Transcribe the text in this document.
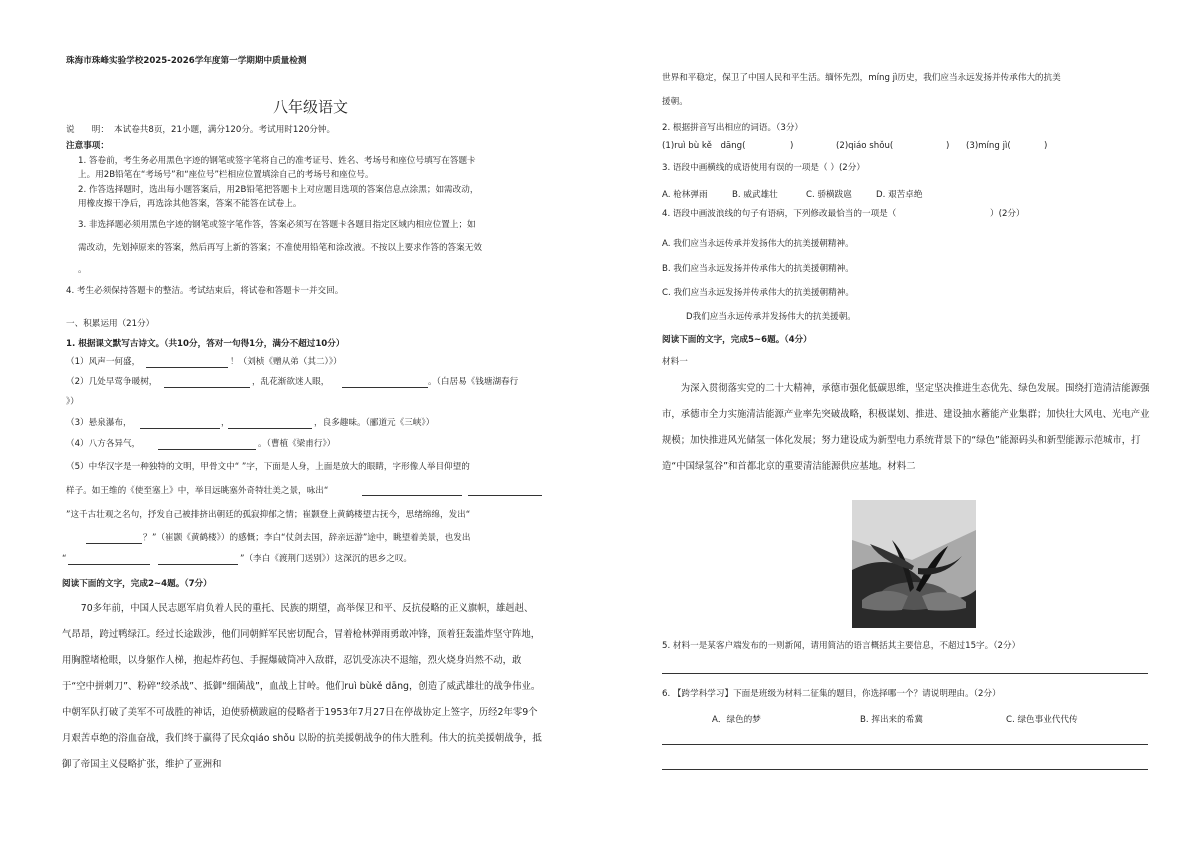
珠海市珠峰实验学校2025-2026学年度第一学期期中质量检测
八年级语文
说　　明： 本试卷共8页，21小题，满分120分。考试用时120分钟。
注意事项：
1. 答卷前，考生务必用黑色字迹的钢笔或签字笔将自己的准考证号、姓名、考场号和座位号填写在答题卡
上。用2B铅笔在“考场号”和“座位号”栏相应位置填涂自己的考场号和座位号。
2. 作答选择题时，选出每小题答案后，用2B铅笔把答题卡上对应题目选项的答案信息点涂黑；如需改动，
用橡皮擦干净后，再选涂其他答案，答案不能答在试卷上。
3. 非选择题必须用黑色字迹的钢笔或签字笔作答，答案必须写在答题卡各题目指定区域内相应位置上；如
需改动，先划掉原来的答案，然后再写上新的答案；不准使用铅笔和涂改液。不按以上要求作答的答案无效
。
4. 考生必须保持答题卡的整洁。考试结束后，将试卷和答题卡一并交回。
一、积累运用（21分）
1. 根据课文默写古诗文。（共10分，答对一句得1分，满分不超过10分）
（1）风声一何盛，	！（刘桢《赠从弟（其二）》）
（2）几处早莺争暖树，	，乱花渐欲迷人眼，	。（白居易《钱塘湖春行
》）
（3）悬泉瀑布，	，	，良多趣味。（郦道元《三峡》）
（4）八方各异气，	。（曹植《梁甫行》）
（5）中华汉字是一种独特的文明，甲骨文中“ ”字，下面是人身，上面是放大的眼睛，字形像人举目仰望的
样子。如王维的《使至塞上》中，举目远眺塞外奇特壮美之景，咏出“
”这千古壮观之名句，抒发自己被排挤出朝廷的孤寂抑郁之情；崔颢登上黄鹤楼望古抚今，思绪绵绵，发出“
？ ”（崔颢《黄鹤楼》）的感慨；李白“仗剑去国，辞亲远游”途中，眺望着美景，也发出
“	”（李白《渡荆门送别》）这深沉的思乡之叹。
阅读下面的文字，完成2~4题。（7分）
70多年前，中国人民志愿军肩负着人民的重托、民族的期望，高举保卫和平、反抗侵略的正义旗帜，雄赳赳、气昂昂，跨过鸭绿江。经过长途跋涉，他们同朝鲜军民密切配合，冒着枪林弹雨勇敢冲锋，顶着狂轰滥炸坚守阵地，用胸膛堵枪眼，以身躯作人梯，抱起炸药包、手握爆破筒冲入敌群，忍饥受冻决不退缩，烈火烧身岿然不动，敢于“空中拼刺刀”、粉碎“绞杀战”、抵御“细菌战”，血战上甘岭。他们ruì bùkě dāng，创造了威武雄壮的战争伟业。中朝军队打破了美军不可战胜的神话，迫使骄横跋扈的侵略者于1953年7月27日在停战协定上签字，历经2年零9个月艰苦卓绝的浴血奋战，我们终于赢得了民众qiáo shǒu 以盼的抗美援朝战争的伟大胜利。伟大的抗美援朝战争，抵御了帝国主义侵略扩张，维护了亚洲和
世界和平稳定，保卫了中国人民和平生活。缅怀先烈，míng jì历史，我们应当永远发扬并传承伟大的抗美
援朝。
2. 根据拼音写出相应的词语。（3分）
(1)ruì bù kě　dāng(	)	(2)qiáo shǒu(	) (3)míng jì(	)
3. 语段中画横线的成语使用有误的一项是（ ）(2分）
A. 枪林弹雨	B. 威武雄壮	C. 骄横跋扈	D. 艰苦卓绝
4. 语段中画波浪线的句子有语病，下列修改最恰当的一项是（	）(2分）
A. 我们应当永远传承并发扬伟大的抗美援朝精神。
B. 我们应当永远发扬并传承伟大的抗美援朝精神。
C. 我们应当永远发扬并传承伟大的抗美援朝精神。
D我们应当永远传承并发扬伟大的抗美援朝。
阅读下面的文字，完成5~6题。（4分）
材料一
为深入贯彻落实党的二十大精神，承德市强化低碳思维，坚定坚决推进生态优先、绿色发展。围绕打造清洁能源强市，承德市全力实施清洁能源产业率先突破战略，积极谋划、推进、建设抽水蓄能产业集群；加快壮大风电、光电产业规模；加快推进风光储氢一体化发展；努力建设成为新型电力系统背景下的“绿色”能源码头和新型能源示范城市，打造“中国绿氢谷”和首都北京的重要清洁能源供应基地。材料二
5. 材料一是某客户端发布的一则新闻，请用简洁的语言概括其主要信息，不超过15字。（2分）
6. 【跨学科学习】下面是班级为材料二征集的题目，你选择哪一个？请说明理由。（2分）
A．绿色的梦	B. 挥出来的希冀	C. 绿色事业代代传
